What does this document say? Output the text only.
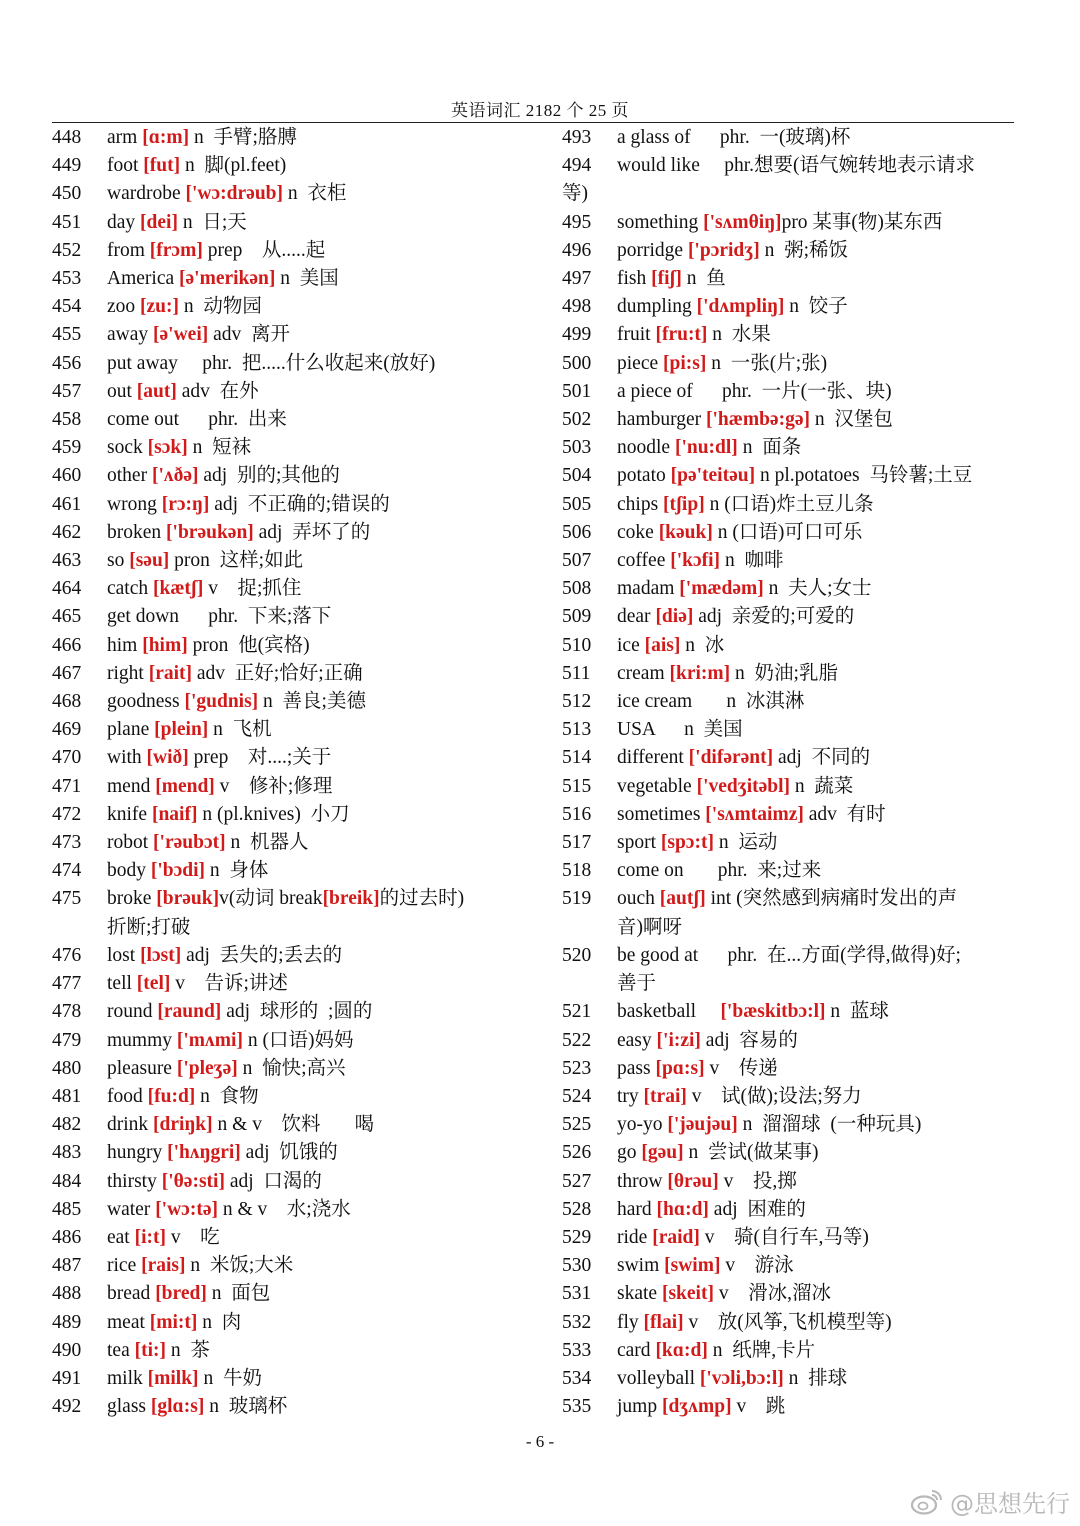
英语词汇 2182 个 25 页
448 arm [ɑ:m] n  手臂;胳膊
449 foot [fut] n  脚(pl.feet)
450 wardrobe ['wɔ:drəub] n  衣柜
451 day [dei] n  日;天
452 from [frɔm] prep    从.....起
453 America [ə'merikən] n  美国
454 zoo [zu:] n  动物园
455 away [ə'wei] adv  离开
456 put away     phr.  把.....什么收起来(放好)
457 out [aut] adv  在外
458 come out      phr.  出来
459 sock [sɔk] n  短袜
460 other ['ʌðə] adj  别的;其他的
461 wrong [rɔ:ŋ] adj  不正确的;错误的
462 broken ['brəukən] adj  弄坏了的
463 so [səu] pron  这样;如此
464 catch [kætʃ] v    捉;抓住
465 get down      phr.  下来;落下
466 him [him] pron  他(宾格)
467 right [rait] adv  正好;恰好;正确
468 goodness ['gudnis] n  善良;美德
469 plane [plein] n  飞机
470 with [wið] prep    对....;关于
471 mend [mend] v    修补;修理
472 knife [naif] n (pl.knives)  小刀
473 robot ['rəubɔt] n  机器人
474 body ['bɔdi] n  身体
475 broke [brəuk]v(动词 break[breik]的过去时)
折断;打破
476 lost [lɔst] adj  丢失的;丢去的
477 tell [tel] v    告诉;讲述
478 round [raund] adj  球形的  ;圆的
479 mummy ['mʌmi] n (口语)妈妈
480 pleasure ['pleʒə] n  愉快;高兴
481 food [fu:d] n  食物
482 drink [driŋk] n & v    饮料       喝
483 hungry ['hʌŋgri] adj  饥饿的
484 thirsty ['θə:sti] adj  口渴的
485 water ['wɔ:tə] n & v    水;浇水
486 eat [i:t] v    吃
487 rice [rais] n  米饭;大米
488 bread [bred] n  面包
489 meat [mi:t] n  肉
490 tea [ti:] n  茶
491 milk [milk] n  牛奶
492 glass [glɑ:s] n  玻璃杯
493 a glass of      phr.  一(玻璃)杯
494 would like     phr.想要(语气婉转地表示请求
等)
495 something ['sʌmθiŋ]pro 某事(物)某东西
496 porridge ['pɔridʒ] n  粥;稀饭
497 fish [fiʃ] n  鱼
498 dumpling ['dʌmpliŋ] n  饺子
499 fruit [fru:t] n  水果
500 piece [pi:s] n  一张(片;张)
501 a piece of      phr.  一片(一张、块)
502 hamburger ['hæmbə:gə] n  汉堡包
503 noodle ['nu:dl] n  面条
504 potato [pə'teitəu] n pl.potatoes  马铃薯;土豆
505 chips [tʃip] n (口语)炸土豆儿条
506 coke [kəuk] n (口语)可口可乐
507 coffee ['kɔfi] n  咖啡
508 madam ['mædəm] n  夫人;女士
509 dear [diə] adj  亲爱的;可爱的
510 ice [ais] n  冰
511 cream [kri:m] n  奶油;乳脂
512 ice cream       n  冰淇淋
513 USA      n  美国
514 different ['difərənt] adj  不同的
515 vegetable ['vedʒitəbl] n  蔬菜
516 sometimes ['sʌmtaimz] adv  有时
517 sport [spɔ:t] n  运动
518 come on       phr.  来;过来
519 ouch [autʃ] int (突然感到病痛时发出的声
音)啊呀
520 be good at      phr.  在...方面(学得,做得)好;
善于
521 basketball     ['bæskitbɔ:l] n  蓝球
522 easy ['i:zi] adj  容易的
523 pass [pɑ:s] v    传递
524 try [trai] v    试(做);设法;努力
525 yo-yo ['jəujəu] n  溜溜球  (一种玩具)
526 go [gəu] n  尝试(做某事)
527 throw [θrəu] v    投,掷
528 hard [hɑ:d] adj  困难的
529 ride [raid] v    骑(自行车,马等)
530 swim [swim] v    游泳
531 skate [skeit] v    滑冰,溜冰
532 fly [flai] v    放(风筝,飞机模型等)
533 card [kɑ:d] n  纸牌,卡片
534 volleyball ['vɔli,bɔ:l] n  排球
535 jump [dʒʌmp] v    跳
- 6 -
@思想先行
